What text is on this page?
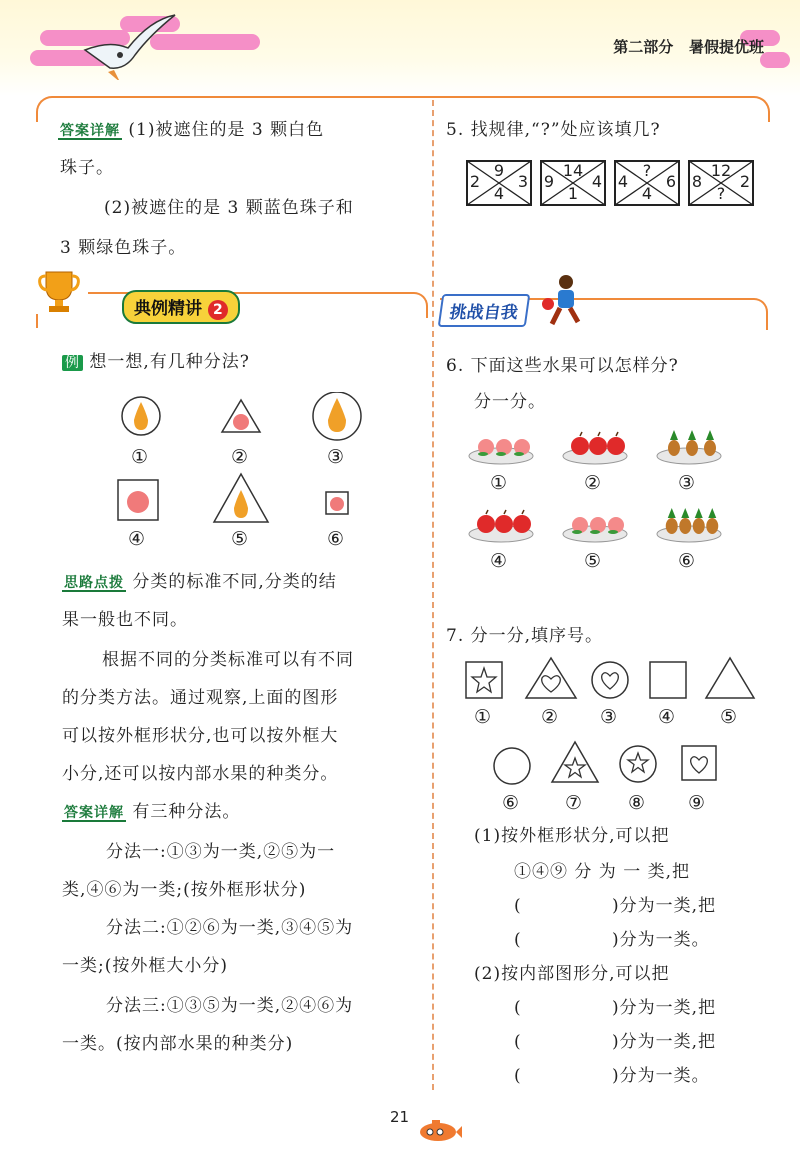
第二部分 暑假提优班
答案详解 (1)被遮住的是 3 颗白色
珠子。
(2)被遮住的是 3 颗蓝色珠子和
3 颗绿色珠子。
5. 找规律,“?”处应该填几?
9
4
2 3
14
1
9 4
?
4
4 6
12
?
8 2
典例精讲 2	挑战自我
例 想一想,有几种分法?
①	②	③
④	⑤	⑥
思路点拨 分类的标准不同,分类的结
果一般也不同。
根据不同的分类标准可以有不同
的分类方法。通过观察,上面的图形
可以按外框形状分,也可以按外框大
小分,还可以按内部水果的种类分。
答案详解 有三种分法。
分法一:①③为一类,②⑤为一
类,④⑥为一类;(按外框形状分)
分法二:①②⑥为一类,③④⑤为
一类;(按外框大小分)
分法三:①③⑤为一类,②④⑥为
一类。(按内部水果的种类分)
6. 下面这些水果可以怎样分?
分一分。
①	②	③
④	⑤	⑥
7. 分一分,填序号。
①	② ③ ④ ⑤
⑥ ⑦ ⑧ ⑨
(1)按外框形状分,可以把
①④⑨ 分 为 一 类,把
(	)分为一类,把
(	)分为一类。
(2)按内部图形分,可以把
(	)分为一类,把
(	)分为一类,把
(	)分为一类。
21
